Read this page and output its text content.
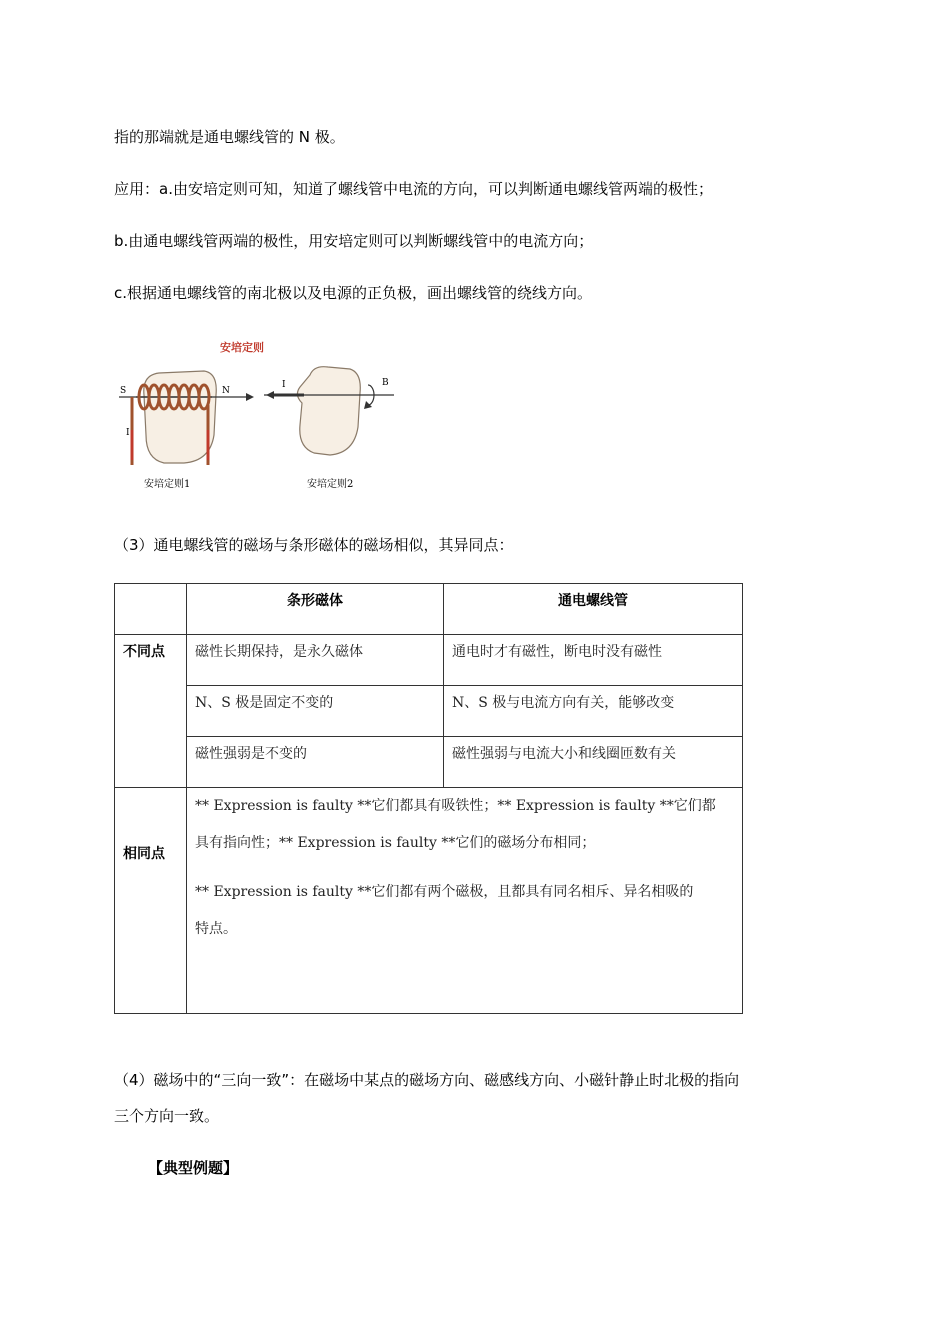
指的那端就是通电螺线管的 N 极。
应用：a.由安培定则可知，知道了螺线管中电流的方向，可以判断通电螺线管两端的极性；
b.由通电螺线管两端的极性，用安培定则可以判断螺线管中的电流方向；
c.根据通电螺线管的南北极以及电源的正负极，画出螺线管的绕线方向。
安培定则
S	N
I
I	B
安培定则1	安培定则2
（3）通电螺线管的磁场与条形磁体的磁场相似，其异同点：
	条形磁体	通电螺线管
不同点	磁性长期保持，是永久磁体	通电时才有磁性，断电时没有磁性
	N、S 极是固定不变的	N、S 极与电流方向有关，能够改变
	磁性强弱是不变的	磁性强弱与电流大小和线圈匝数有关
相同点	** Expression is faulty **它们都具有吸铁性；** Expression is faulty **它们都

具有指向性；** Expression is faulty **它们的磁场分布相同；

** Expression is faulty **它们都有两个磁极，且都具有同名相斥、异名相吸的

特点。	

（4）磁场中的“三向一致”：在磁场中某点的磁场方向、磁感线方向、小磁针静止时北极的指向
三个方向一致。
【典型例题】
